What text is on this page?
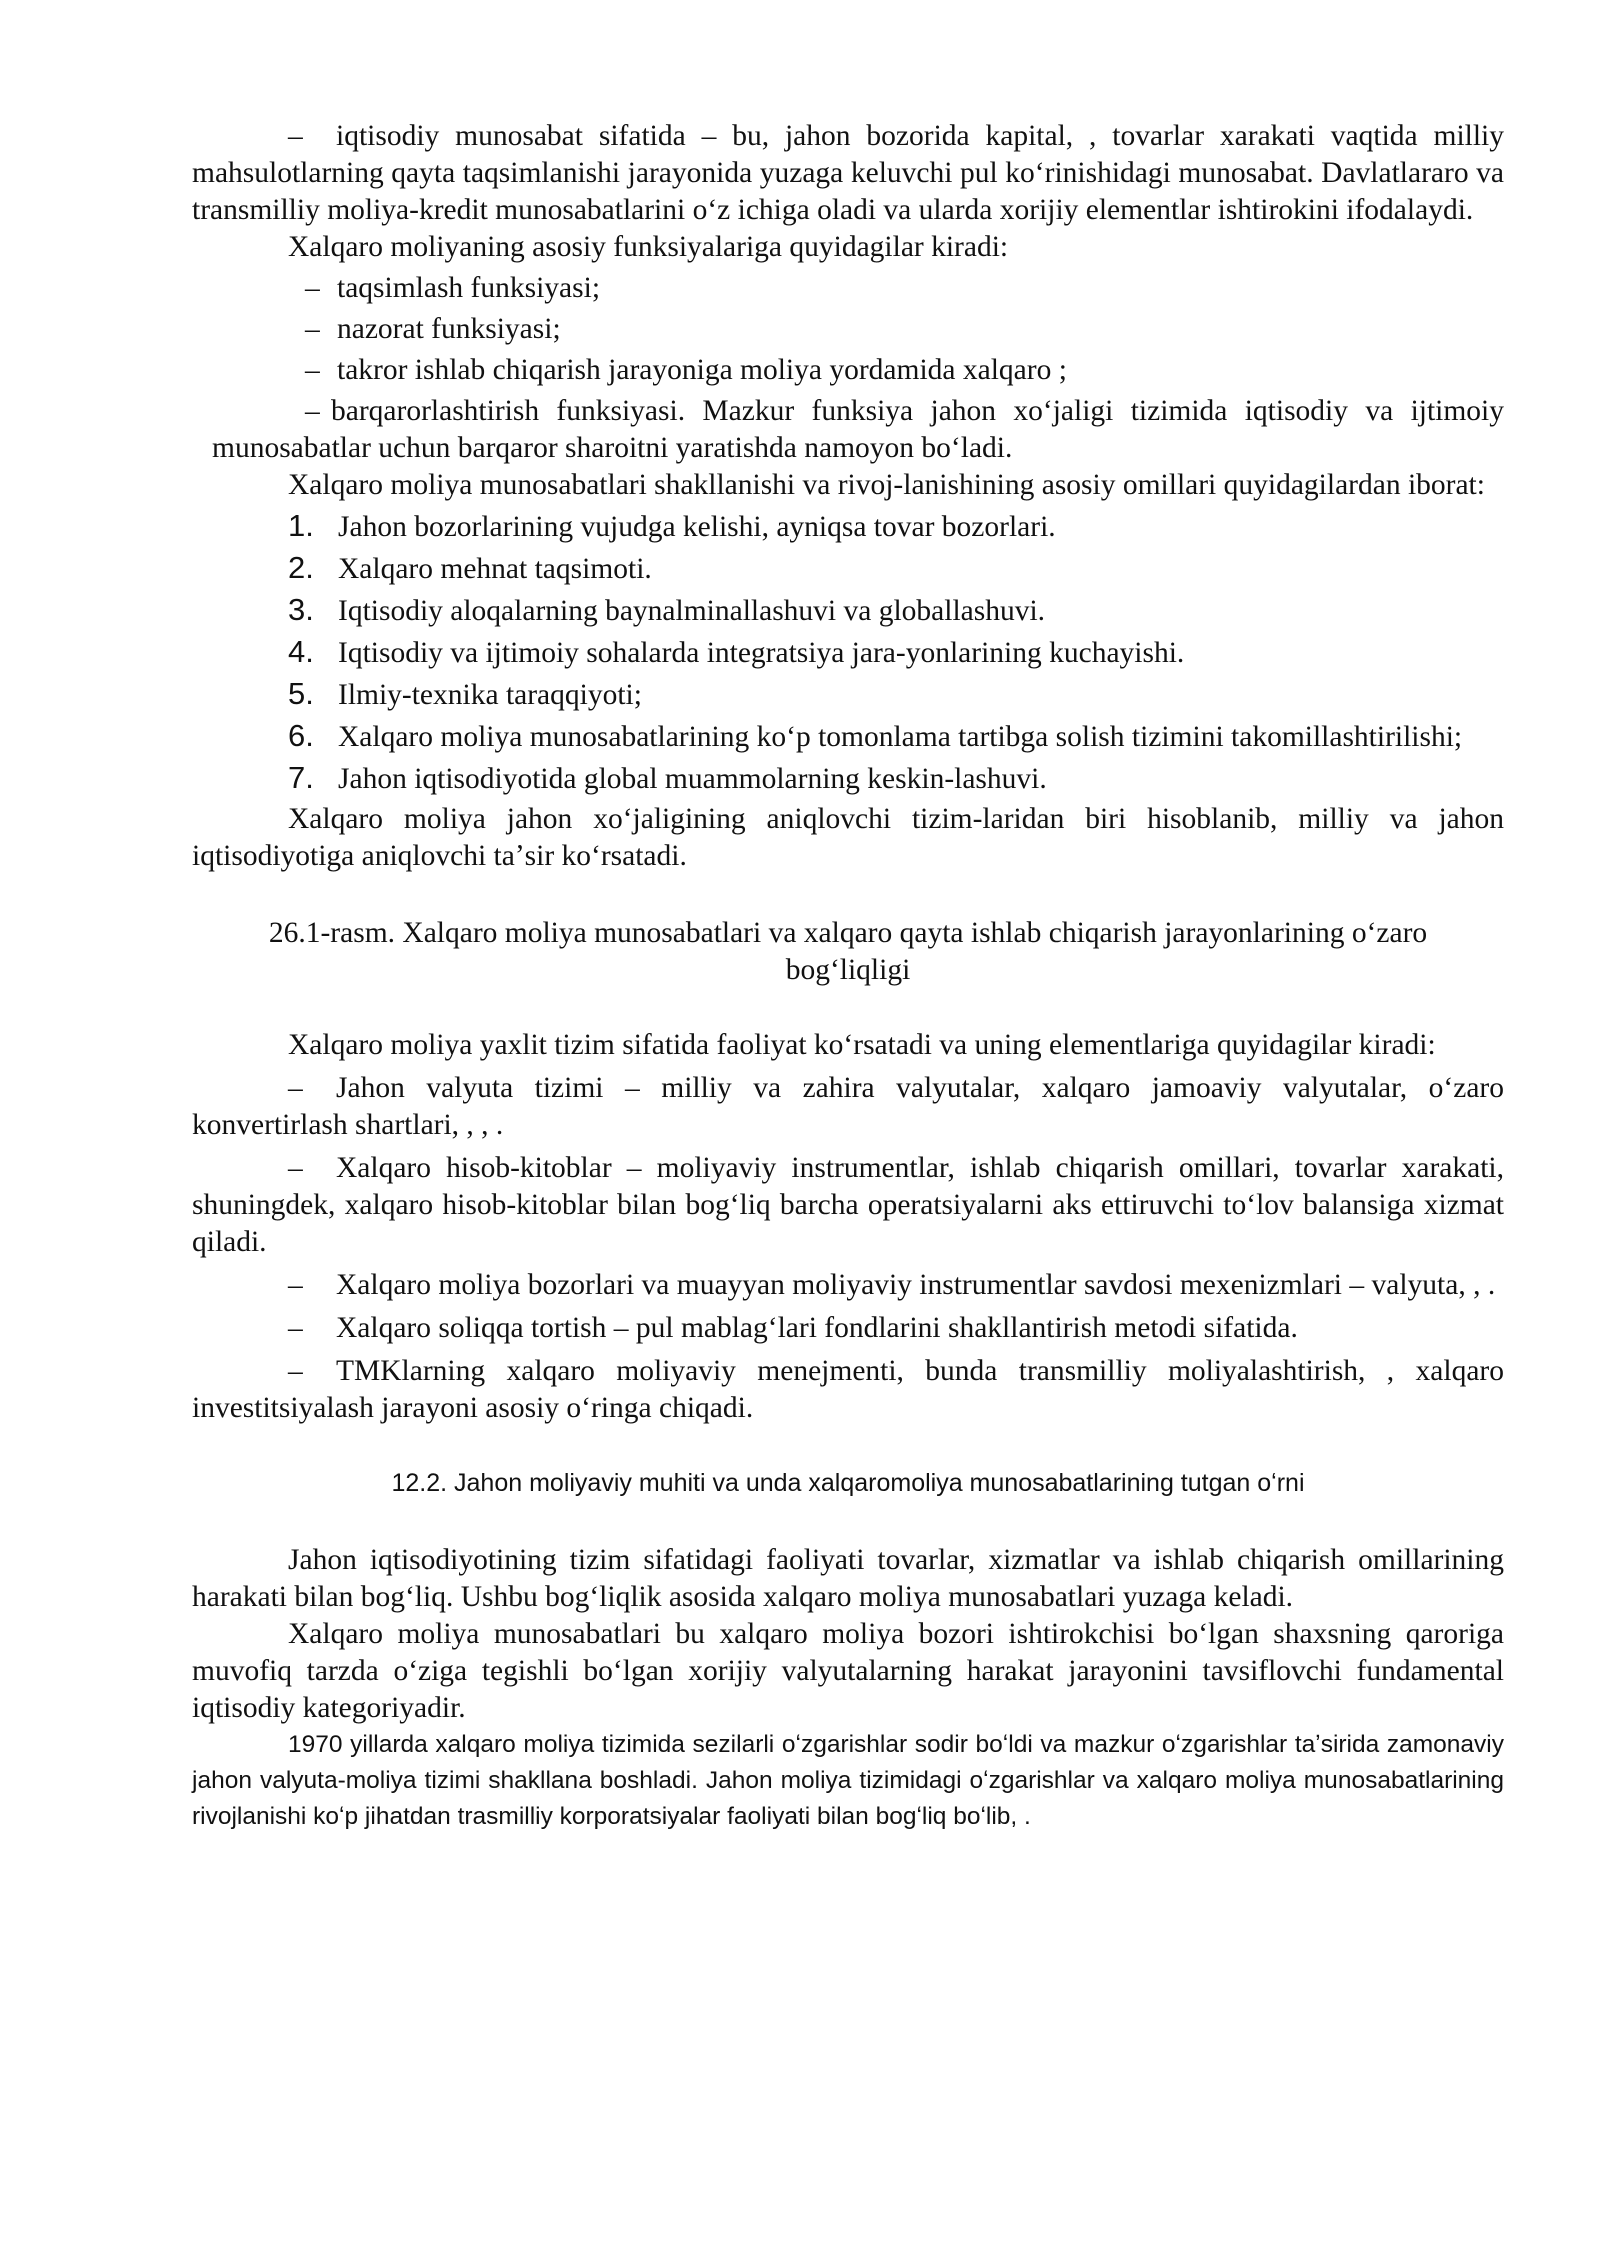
– iqtisodiy munosabat sifatida – bu, jahon bozorida kapital, , tovarlar xarakati vaqtida milliy mahsulotlarning qayta taqsimlanishi jarayonida yuzaga keluvchi pul koʻrinishidagi munosabat. Davlatlararo va transmilliy moliya-kredit munosabatlarini oʻz ichiga oladi va ularda xorijiy elementlar ishtirokini ifodalaydi.

Xalqaro moliyaning asosiy funksiyalariga quyidagilar kiradi:

– taqsimlash funksiyasi;

– nazorat funksiyasi;

– takror ishlab chiqarish jarayoniga moliya yordamida xalqaro ;

– barqarorlashtirish funksiyasi. Mazkur funksiya jahon xoʻjaligi tizimida iqtisodiy va ijtimoiy munosabatlar uchun barqaror sharoitni yaratishda namoyon boʻladi.

Xalqaro moliya munosabatlari shakllanishi va rivoj-lanishining asosiy omillari quyidagilardan iborat:

1. Jahon bozorlarining vujudga kelishi, ayniqsa tovar bozorlari.

2. Xalqaro mehnat taqsimoti.

3. Iqtisodiy aloqalarning baynalminallashuvi va globallashuvi.

4. Iqtisodiy va ijtimoiy sohalarda integratsiya jara-yonlarining kuchayishi.

5. Ilmiy-texnika taraqqiyoti;

6. Xalqaro moliya munosabatlarining koʻp tomonlama tartibga solish tizimini takomillashtirilishi;

7. Jahon iqtisodiyotida global muammolarning keskin-lashuvi.

Xalqaro moliya jahon xoʻjaligining aniqlovchi tizim-laridan biri hisoblanib, milliy va jahon iqtisodiyotiga aniqlovchi taʼsir koʻrsatadi.

26.1-rasm. Xalqaro moliya munosabatlari va xalqaro qayta ishlab chiqarish jarayonlarining oʻzaro bogʻliqligi

Xalqaro moliya yaxlit tizim sifatida faoliyat koʻrsatadi va uning elementlariga quyidagilar kiradi:

– Jahon valyuta tizimi – milliy va zahira valyutalar, xalqaro jamoaviy valyutalar, oʻzaro konvertirlash shartlari, , , .

– Xalqaro hisob-kitoblar – moliyaviy instrumentlar, ishlab chiqarish omillari, tovarlar xarakati, shuningdek, xalqaro hisob-kitoblar bilan bogʻliq barcha operatsiyalarni aks ettiruvchi toʻlov balansiga xizmat qiladi.

– Xalqaro moliya bozorlari va muayyan moliyaviy instrumentlar savdosi mexenizmlari – valyuta, , .

– Xalqaro soliqqa tortish – pul mablagʻlari fondlarini shakllantirish metodi sifatida.

– TMKlarning xalqaro moliyaviy menejmenti, bunda transmilliy moliyalashtirish, , xalqaro investitsiyalash jarayoni asosiy oʻringa chiqadi.

12.2. Jahon moliyaviy muhiti va unda xalqaromoliya munosabatlarining tutgan oʻrni

Jahon iqtisodiyotining tizim sifatidagi faoliyati tovarlar, xizmatlar va ishlab chiqarish omillarining harakati bilan bogʻliq. Ushbu bogʻliqlik asosida xalqaro moliya munosabatlari yuzaga keladi.

Xalqaro moliya munosabatlari bu xalqaro moliya bozori ishtirokchisi boʻlgan shaxsning qaroriga muvofiq tarzda oʻziga tegishli boʻlgan xorijiy valyutalarning harakat jarayonini tavsiflovchi fundamental iqtisodiy kategoriyadir.

1970 yillarda xalqaro moliya tizimida sezilarli oʻzgarishlar sodir boʻldi va mazkur oʻzgarishlar taʼsirida zamonaviy jahon valyuta-moliya tizimi shakllana boshladi. Jahon moliya tizimidagi oʻzgarishlar va xalqaro moliya munosabatlarining rivojlanishi koʻp jihatdan trasmilliy korporatsiyalar faoliyati bilan bogʻliq boʻlib, .
